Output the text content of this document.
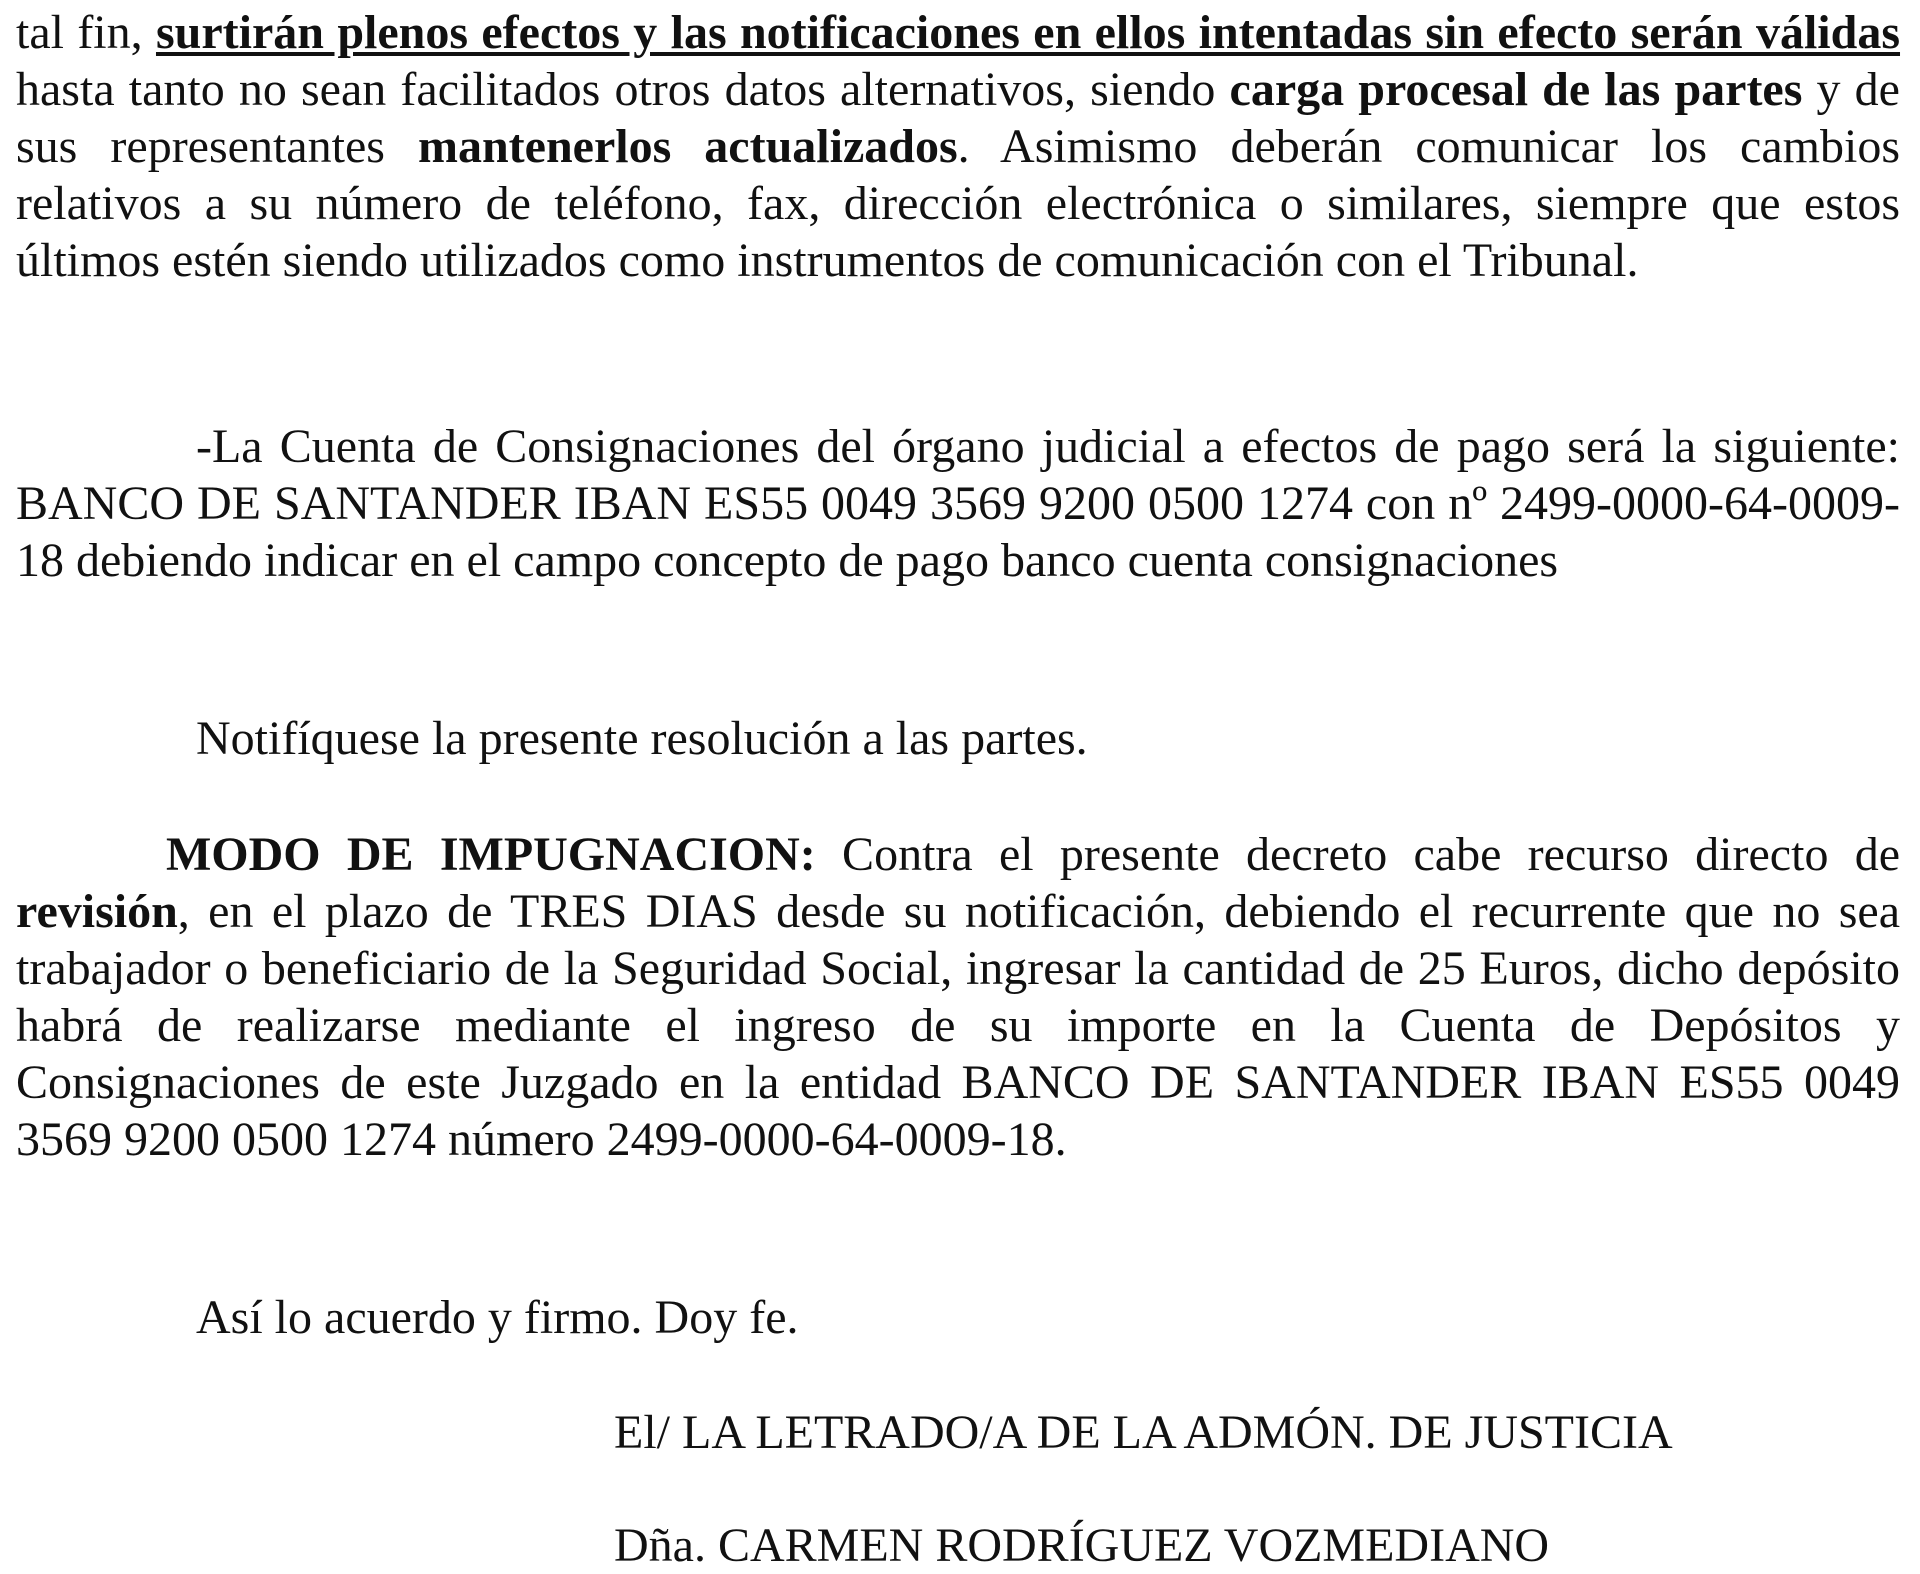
tal fin, surtirán plenos efectos y las notificaciones en ellos intentadas sin efecto serán válidas hasta tanto no sean facilitados otros datos alternativos, siendo carga procesal de las partes y de sus representantes mantenerlos actualizados. Asimismo deberán comunicar los cambios relativos a su número de teléfono, fax, dirección electrónica o similares, siempre que estos últimos estén siendo utilizados como instrumentos de comunicación con el Tribunal.

-La Cuenta de Consignaciones del órgano judicial a efectos de pago será la siguiente: BANCO DE SANTANDER IBAN ES55 0049 3569 9200 0500 1274 con nº 2499-0000-64-0009-18 debiendo indicar en el campo concepto de pago banco cuenta consignaciones

Notifíquese la presente resolución a las partes.

MODO DE IMPUGNACION: Contra el presente decreto cabe recurso directo de revisión, en el plazo de TRES DIAS desde su notificación, debiendo el recurrente que no sea trabajador o beneficiario de la Seguridad Social, ingresar la cantidad de 25 Euros, dicho depósito habrá de realizarse mediante el ingreso de su importe en la Cuenta de Depósitos y Consignaciones de este Juzgado en la entidad BANCO DE SANTANDER IBAN ES55 0049 3569 9200 0500 1274 número 2499-0000-64-0009-18.

Así lo acuerdo y firmo. Doy fe.

El/ LA LETRADO/A DE LA ADMÓN. DE JUSTICIA

Dña. CARMEN RODRÍGUEZ VOZMEDIANO
